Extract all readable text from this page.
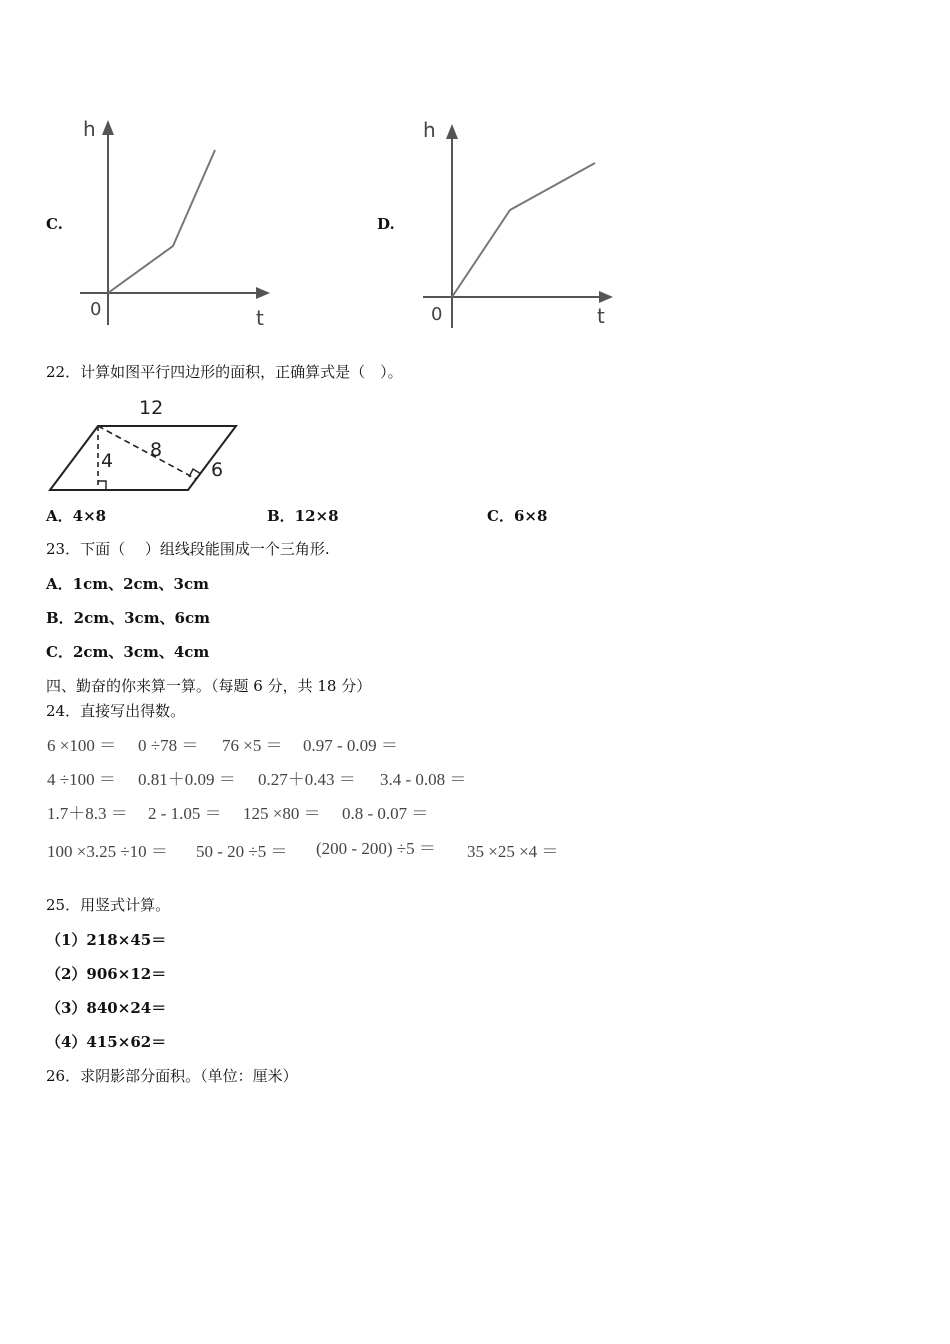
C.
h
t
0
D.
h
t
0
22．计算如图平行四边形的面积，正确算式是（　）。
12
4 8
6
A．4×8	B．12×8	C．6×8
23．下面（　 ）组线段能围成一个三角形.
A．1cm、2cm、3cm
B．2cm、3cm、6cm
C．2cm、3cm、4cm
四、勤奋的你来算一算。（每题 6 分，共 18 分）
24．直接写出得数。
6 ×100 ＝ 0 ÷78 ＝ 76 ×5 ＝ 0.97 - 0.09 ＝
4 ÷100 ＝ 0.81＋0.09 ＝ 0.27＋0.43 ＝ 3.4 - 0.08 ＝
1.7＋8.3 ＝ 2 - 1.05 ＝ 125 ×80 ＝ 0.8 - 0.07 ＝
100 ×3.25 ÷10 ＝ 50 - 20 ÷5 ＝ (200 - 200) ÷5 ＝ 35 ×25 ×4 ＝
25．用竖式计算。
（1）218×45＝
（2）906×12＝
（3）840×24＝
（4）415×62＝
26．求阴影部分面积。（单位：厘米）
